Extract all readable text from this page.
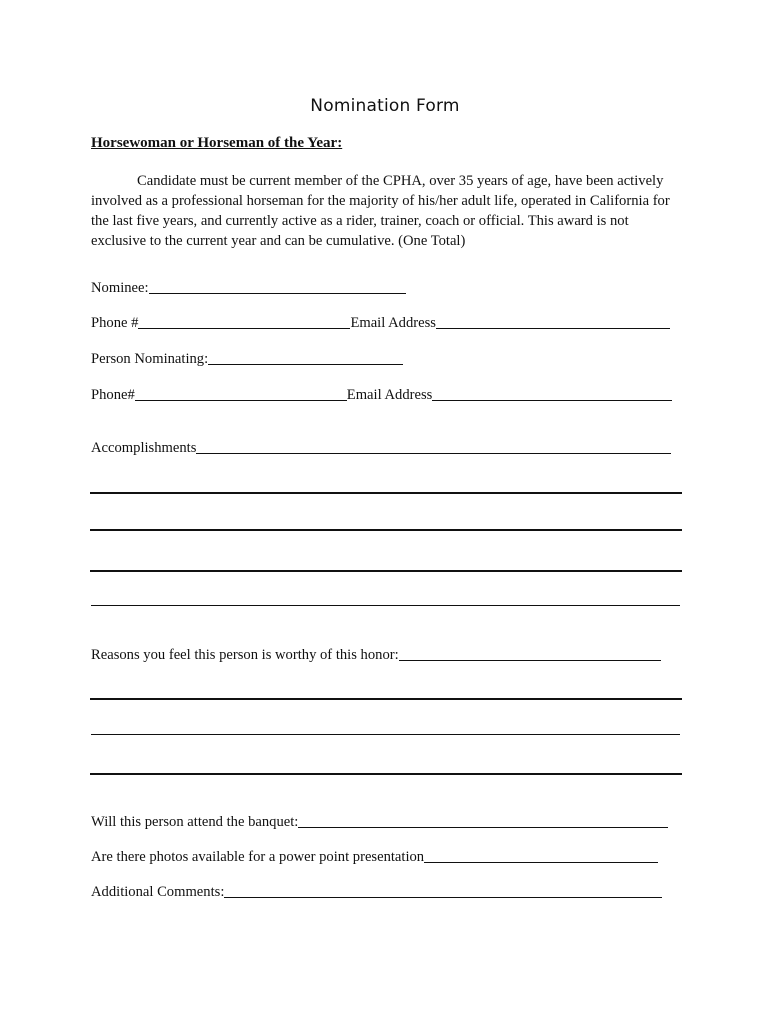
Nomination Form
Horsewoman or Horseman of the Year:
Candidate must be current member of the CPHA, over 35 years of age, have been actively involved as a professional horseman for the majority of his/her adult life, operated in California for the last five years, and currently active as a rider, trainer, coach or official. This award is not exclusive to the current year and can be cumulative. (One Total)
Nominee:
Phone #	Email Address
Person Nominating:
Phone#	Email Address
Accomplishments
Reasons you feel this person is worthy of this honor:
Will this person attend the banquet:
Are there photos available for a power point presentation
Additional Comments:
